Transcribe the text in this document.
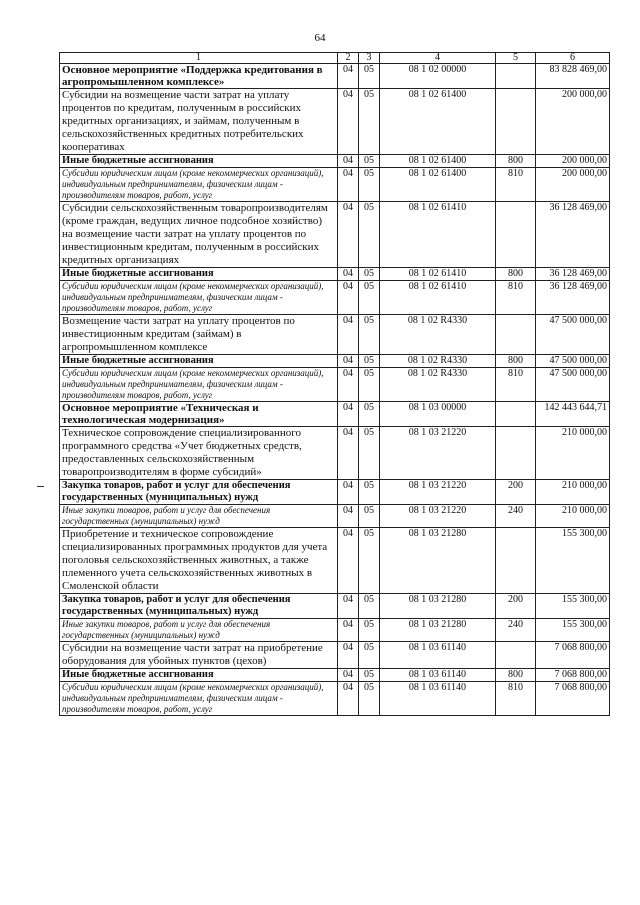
64
1	2	3	4	5	6
Основное мероприятие «Поддержка кредитования в агропромышленном комплексе»	04	05	08 1 02 00000		83 828 469,00
Субсидии на возмещение части затрат на уплату процентов по кредитам, полученным в российских кредитных организациях, и займам, полученным в сельскохозяйственных кредитных потребительских кооперативах	04	05	08 1 02 61400		200 000,00
Иные бюджетные ассигнования	04	05	08 1 02 61400	800	200 000,00
Субсидии юридическим лицам (кроме некоммерческих организаций), индивидуальным предпринимателям, физическим лицам - производителям товаров, работ, услуг	04	05	08 1 02 61400	810	200 000,00
Субсидии сельскохозяйственным товаропроизводителям (кроме граждан, ведущих личное подсобное хозяйство) на возмещение части затрат на уплату процентов по инвестиционным кредитам, полученным в российских кредитных организациях	04	05	08 1 02 61410		36 128 469,00
Иные бюджетные ассигнования	04	05	08 1 02 61410	800	36 128 469,00
Субсидии юридическим лицам (кроме некоммерческих организаций), индивидуальным предпринимателям, физическим лицам - производителям товаров, работ, услуг	04	05	08 1 02 61410	810	36 128 469,00
Возмещение части затрат на уплату процентов по инвестиционным кредитам (займам) в агропромышленном комплексе	04	05	08 1 02 R4330		47 500 000,00
Иные бюджетные ассигнования	04	05	08 1 02 R4330	800	47 500 000,00
Субсидии юридическим лицам (кроме некоммерческих организаций), индивидуальным предпринимателям, физическим лицам - производителям товаров, работ, услуг	04	05	08 1 02 R4330	810	47 500 000,00
Основное мероприятие «Техническая и технологическая модернизация»	04	05	08 1 03 00000		142 443 644,71
Техническое сопровождение специализированного программного средства «Учет бюджетных средств, предоставленных сельскохозяйственным товаропроизводителям в форме субсидий»	04	05	08 1 03 21220		210 000,00
Закупка товаров, работ и услуг для обеспечения государственных (муниципальных) нужд	04	05	08 1 03 21220	200	210 000,00
Иные закупки товаров, работ и услуг для обеспечения государственных (муниципальных) нужд	04	05	08 1 03 21220	240	210 000,00
Приобретение и техническое сопровождение специализированных программных продуктов для учета поголовья сельскохозяйственных животных, а также племенного учета сельскохозяйственных животных в Смоленской области	04	05	08 1 03 21280		155 300,00
Закупка товаров, работ и услуг для обеспечения государственных (муниципальных) нужд	04	05	08 1 03 21280	200	155 300,00
Иные закупки товаров, работ и услуг для обеспечения государственных (муниципальных) нужд	04	05	08 1 03 21280	240	155 300,00
Субсидии на возмещение части затрат на приобретение оборудования для убойных пунктов (цехов)	04	05	08 1 03 61140		7 068 800,00
Иные бюджетные ассигнования	04	05	08 1 03 61140	800	7 068 800,00
Субсидии юридическим лицам (кроме некоммерческих организаций), индивидуальным предпринимателям, физическим лицам - производителям товаров, работ, услуг	04	05	08 1 03 61140	810	7 068 800,00
